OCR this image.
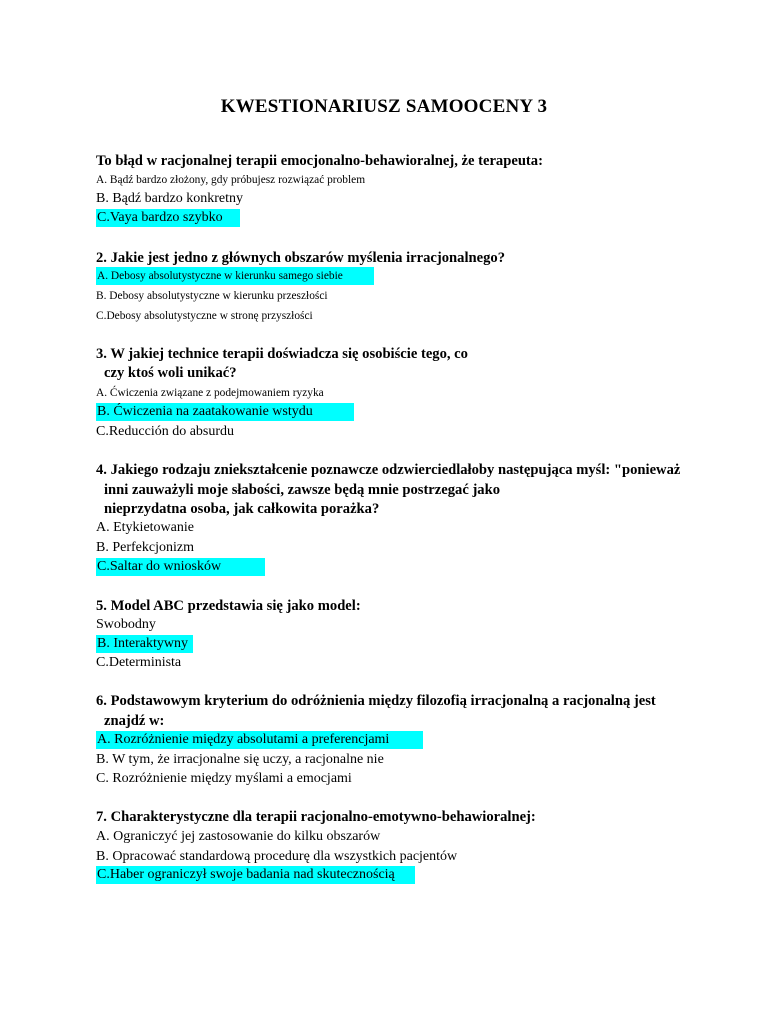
KWESTIONARIUSZ SAMOOCENY 3
To błąd w racjonalnej terapii emocjonalno-behawioralnej, że terapeuta:
A. Bądź bardzo złożony, gdy próbujesz rozwiązać problem
B. Bądź bardzo konkretny
C.Vaya bardzo szybko
2. Jakie jest jedno z głównych obszarów myślenia irracjonalnego?
A. Debosy absolutystyczne w kierunku samego siebie
B. Debosy absolutystyczne w kierunku przeszłości
C.Debosy absolutystyczne w stronę przyszłości
3. W jakiej technice terapii doświadcza się osobiście tego, co
czy ktoś woli unikać?
A. Ćwiczenia związane z podejmowaniem ryzyka
B. Ćwiczenia na zaatakowanie wstydu
C.Reducción do absurdu
4. Jakiego rodzaju zniekształcenie poznawcze odzwierciedlałoby następująca myśl: "ponieważ
inni zauważyli moje słabości, zawsze będą mnie postrzegać jako
nieprzydatna osoba, jak całkowita porażka?
A. Etykietowanie
B. Perfekcjonizm
C.Saltar do wniosków
5. Model ABC przedstawia się jako model:
Swobodny
B. Interaktywny
C.Determinista
6. Podstawowym kryterium do odróżnienia między filozofią irracjonalną a racjonalną jest
znajdź w:
A. Rozróżnienie między absolutami a preferencjami
B. W tym, że irracjonalne się uczy, a racjonalne nie
C. Rozróżnienie między myślami a emocjami
7. Charakterystyczne dla terapii racjonalno-emotywno-behawioralnej:
A. Ograniczyć jej zastosowanie do kilku obszarów
B. Opracować standardową procedurę dla wszystkich pacjentów
C.Haber ograniczył swoje badania nad skutecznością
